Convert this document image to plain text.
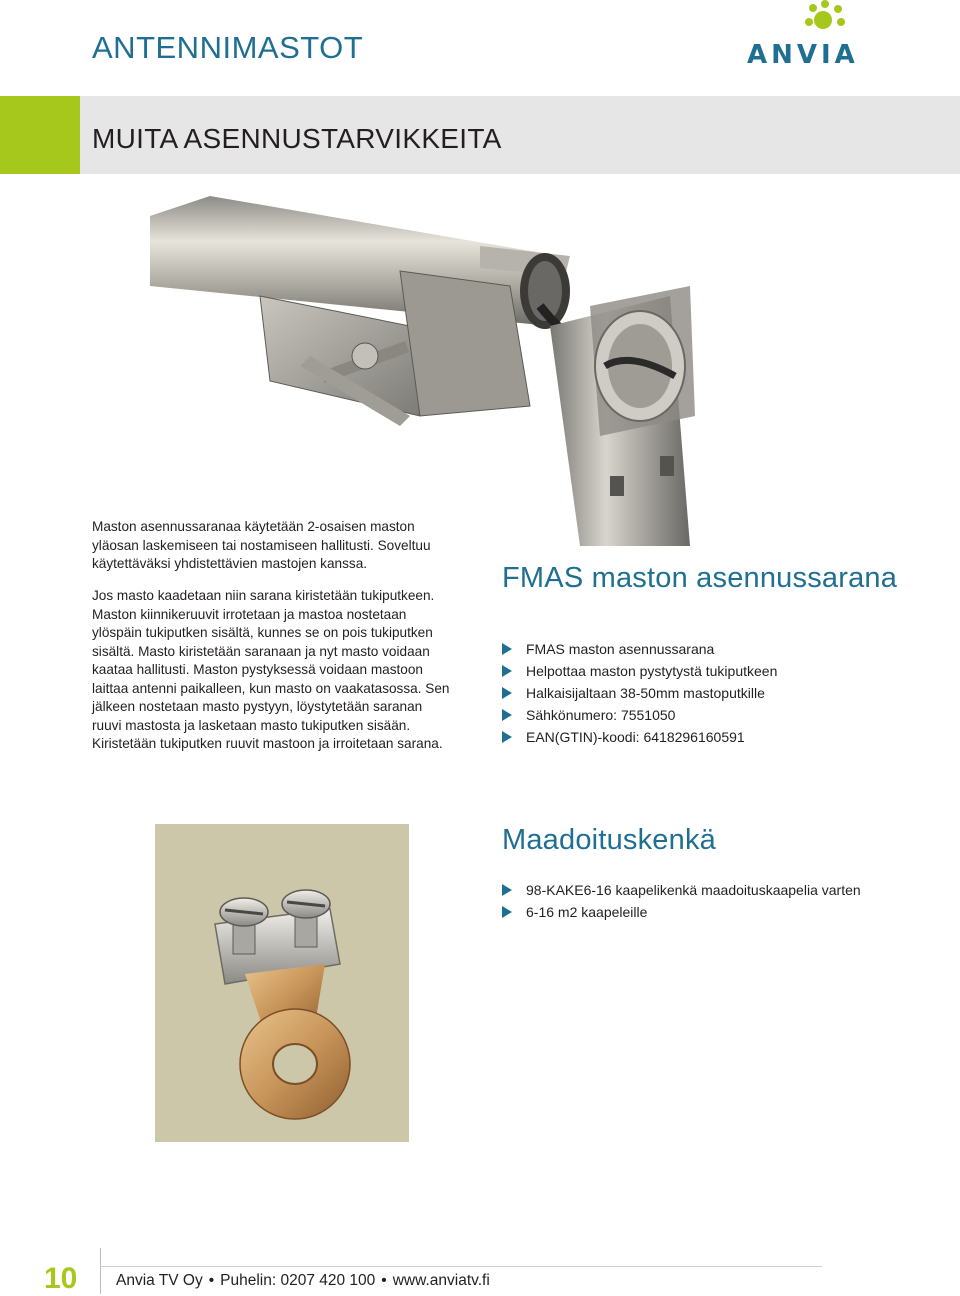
ANTENNIMASTOT	ANVIA
MUITA ASENNUSTARVIKKEITA
Maston asennussaranaa käytetään 2-osaisen maston yläosan laskemiseen tai nostamiseen hallitusti. Soveltuu käytettäväksi yhdistettävien mastojen kanssa.
Jos masto kaadetaan niin sarana kiristetään tukiputkeen. Maston kiinnikeruuvit irrotetaan ja mastoa nostetaan ylöspäin tukiputken sisältä, kunnes se on pois tukiputken sisältä. Masto kiristetään saranaan ja nyt masto voidaan kaataa hallitusti. Maston pystyksessä voidaan mastoon laittaa antenni paikalleen, kun masto on vaakatasossa. Sen jälkeen nostetaan masto pystyyn, löystytetään saranan ruuvi mastosta ja lasketaan masto tukiputken sisään. Kiristetään tukiputken ruuvit mastoon ja irroitetaan sarana.
FMAS maston asennussarana
FMAS maston asennussarana
Helpottaa maston pystytystä tukiputkeen
Halkaisijaltaan 38-50mm mastoputkille
Sähkönumero: 7551050
EAN(GTIN)-koodi: 6418296160591
Maadoituskenkä
98-KAKE6-16 kaapelikenkä maadoituskaapelia varten
6-16 m2 kaapeleille
10 Anvia TV Oy • Puhelin: 0207 420 100 • www.anviatv.fi
